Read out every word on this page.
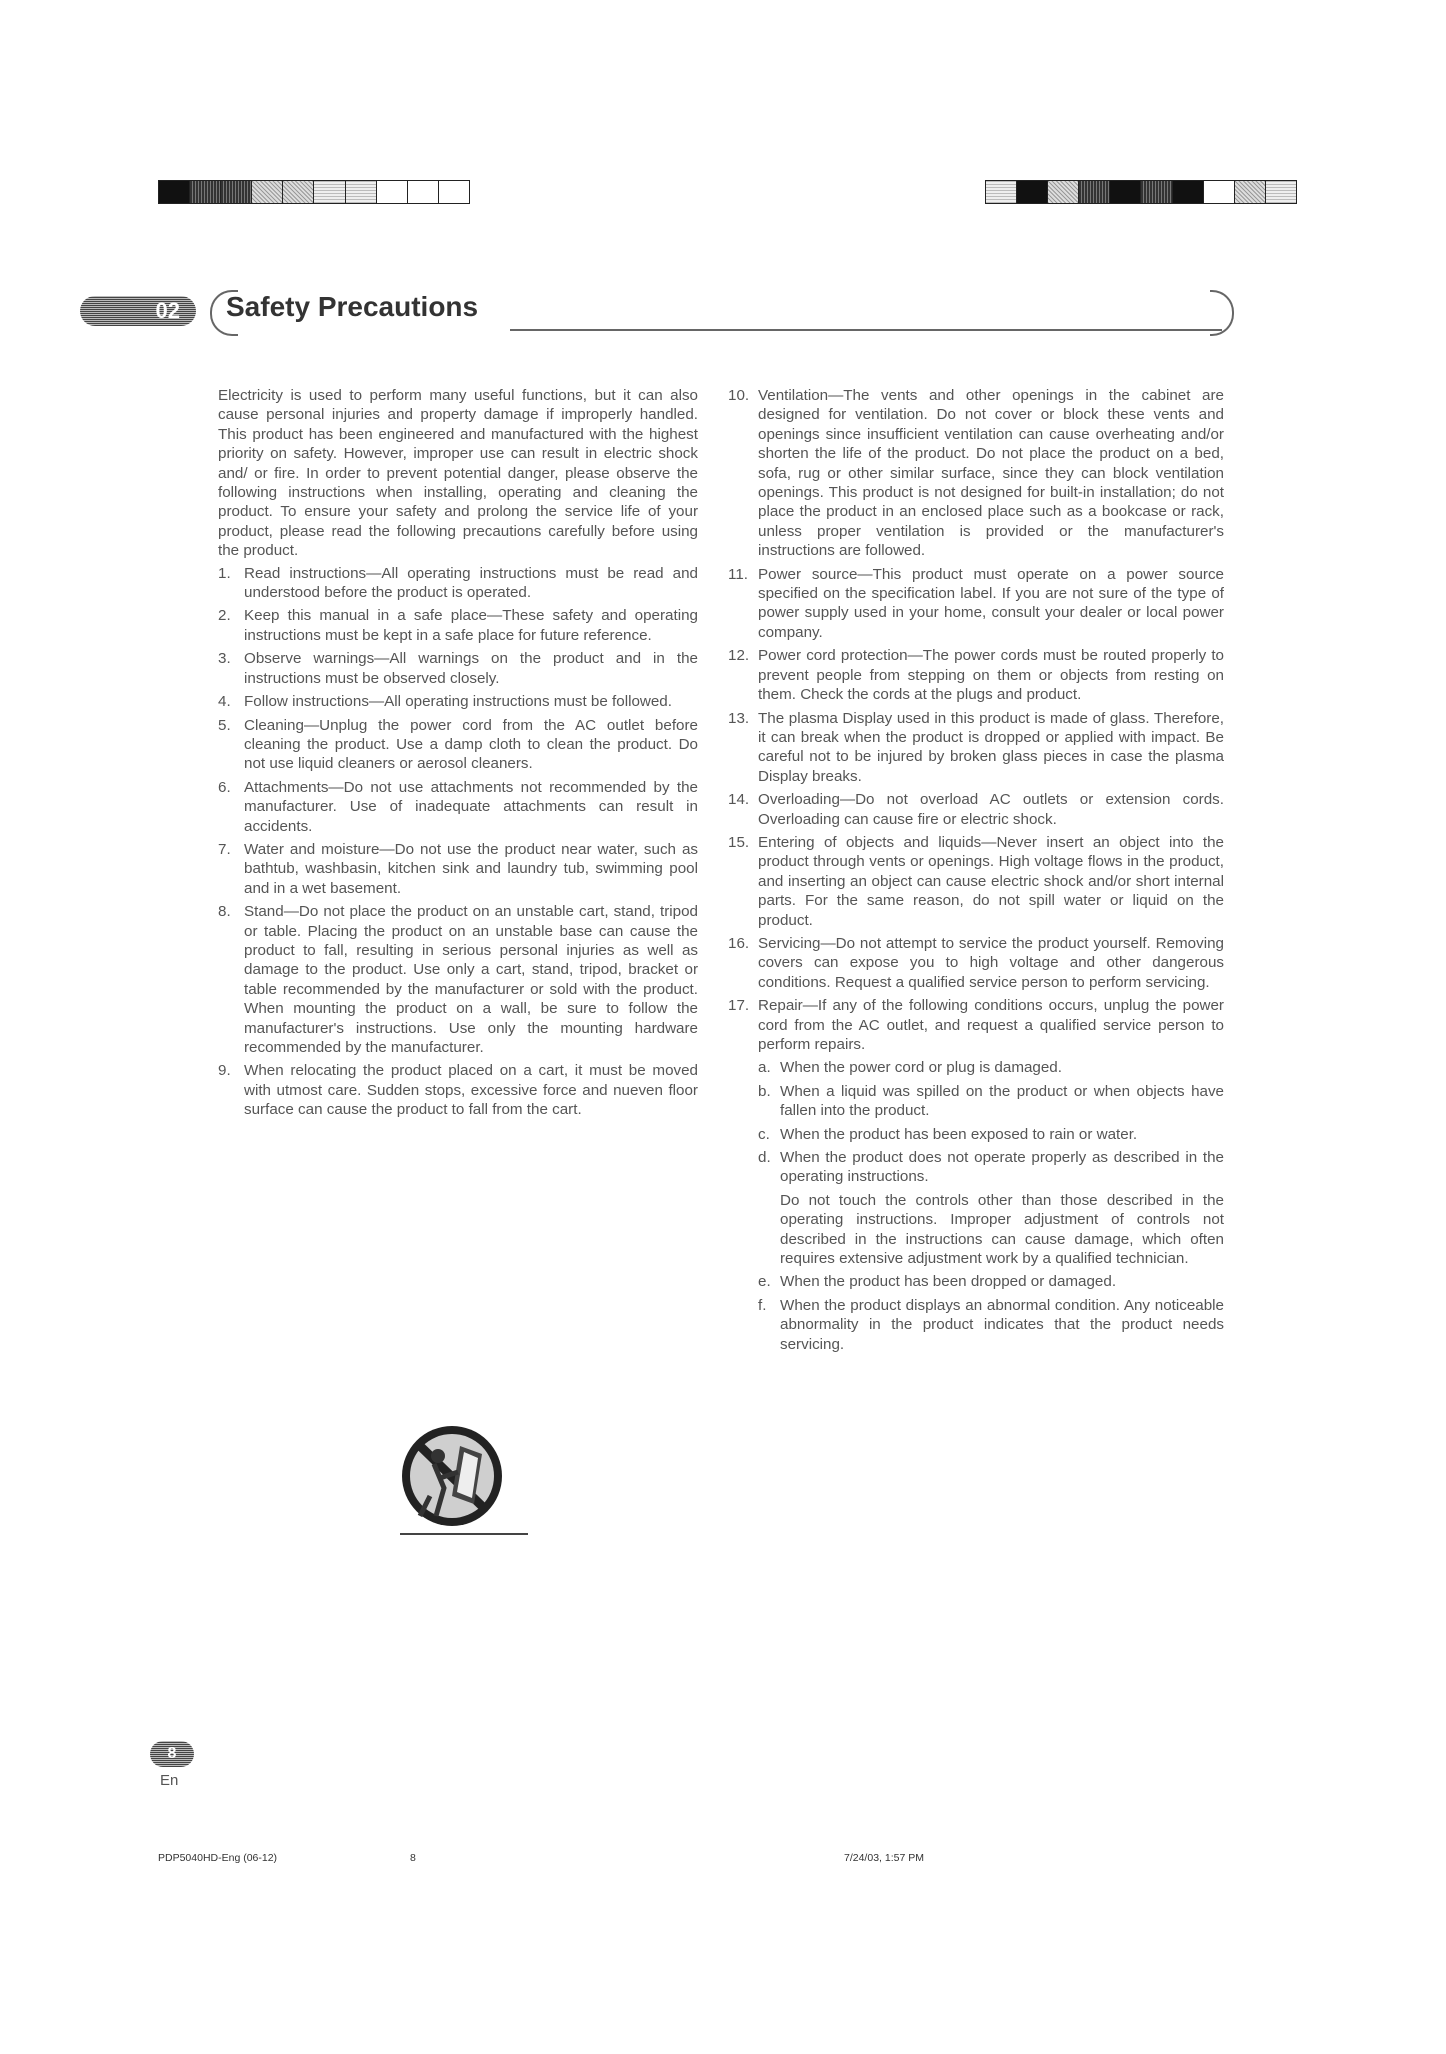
02	Safety Precautions

Electricity is used to perform many useful functions, but it can also cause personal injuries and property damage if improperly handled. This product has been engineered and manufactured with the highest priority on safety. However, improper use can result in electric shock and/ or fire. In order to prevent potential danger, please observe the following instructions when installing, operating and cleaning the product. To ensure your safety and prolong the service life of your product, please read the following precautions carefully before using the product.

1. Read instructions—All operating instructions must be read and understood before the product is operated.
2. Keep this manual in a safe place—These safety and operating instructions must be kept in a safe place for future reference.
3. Observe warnings—All warnings on the product and in the instructions must be observed closely.
4. Follow instructions—All operating instructions must be followed.
5. Cleaning—Unplug the power cord from the AC outlet before cleaning the product. Use a damp cloth to clean the product. Do not use liquid cleaners or aerosol cleaners.
6. Attachments—Do not use attachments not recommended by the manufacturer. Use of inadequate attachments can result in accidents.
7. Water and moisture—Do not use the product near water, such as bathtub, washbasin, kitchen sink and laundry tub, swimming pool and in a wet basement.
8. Stand—Do not place the product on an unstable cart, stand, tripod or table. Placing the product on an unstable base can cause the product to fall, resulting in serious personal injuries as well as damage to the product. Use only a cart, stand, tripod, bracket or table recommended by the manufacturer or sold with the product. When mounting the product on a wall, be sure to follow the manufacturer's instructions. Use only the mounting hardware recommended by the manufacturer.
9. When relocating the product placed on a cart, it must be moved with utmost care. Sudden stops, excessive force and nueven floor surface can cause the product to fall from the cart.
10. Ventilation—The vents and other openings in the cabinet are designed for ventilation. Do not cover or block these vents and openings since insufficient ventilation can cause overheating and/or shorten the life of the product. Do not place the product on a bed, sofa, rug or other similar surface, since they can block ventilation openings. This product is not designed for built-in installation; do not place the product in an enclosed place such as a bookcase or rack, unless proper ventilation is provided or the manufacturer's instructions are followed.
11. Power source—This product must operate on a power source specified on the specification label. If you are not sure of the type of power supply used in your home, consult your dealer or local power company.
12. Power cord protection—The power cords must be routed properly to prevent people from stepping on them or objects from resting on them. Check the cords at the plugs and product.
13. The plasma Display used in this product is made of glass. Therefore, it can break when the product is dropped or applied with impact. Be careful not to be injured by broken glass pieces in case the plasma Display breaks.
14. Overloading—Do not overload AC outlets or extension cords. Overloading can cause fire or electric shock.
15. Entering of objects and liquids—Never insert an object into the product through vents or openings. High voltage flows in the product, and inserting an object can cause electric shock and/or short internal parts. For the same reason, do not spill water or liquid on the product.
16. Servicing—Do not attempt to service the product yourself. Removing covers can expose you to high voltage and other dangerous conditions. Request a qualified service person to perform servicing.
17. Repair—If any of the following conditions occurs, unplug the power cord from the AC outlet, and request a qualified service person to perform repairs.
a. When the power cord or plug is damaged.
b. When a liquid was spilled on the product or when objects have fallen into the product.
c. When the product has been exposed to rain or water.
d. When the product does not operate properly as described in the operating instructions.

Do not touch the controls other than those described in the operating instructions. Improper adjustment of controls not described in the instructions can cause damage, which often requires extensive adjustment work by a qualified technician.

e. When the product has been dropped or damaged.
f. When the product displays an abnormal condition. Any noticeable abnormality in the product indicates that the product needs servicing.
8
En
PDP5040HD-Eng (06-12)	8	7/24/03, 1:57 PM
